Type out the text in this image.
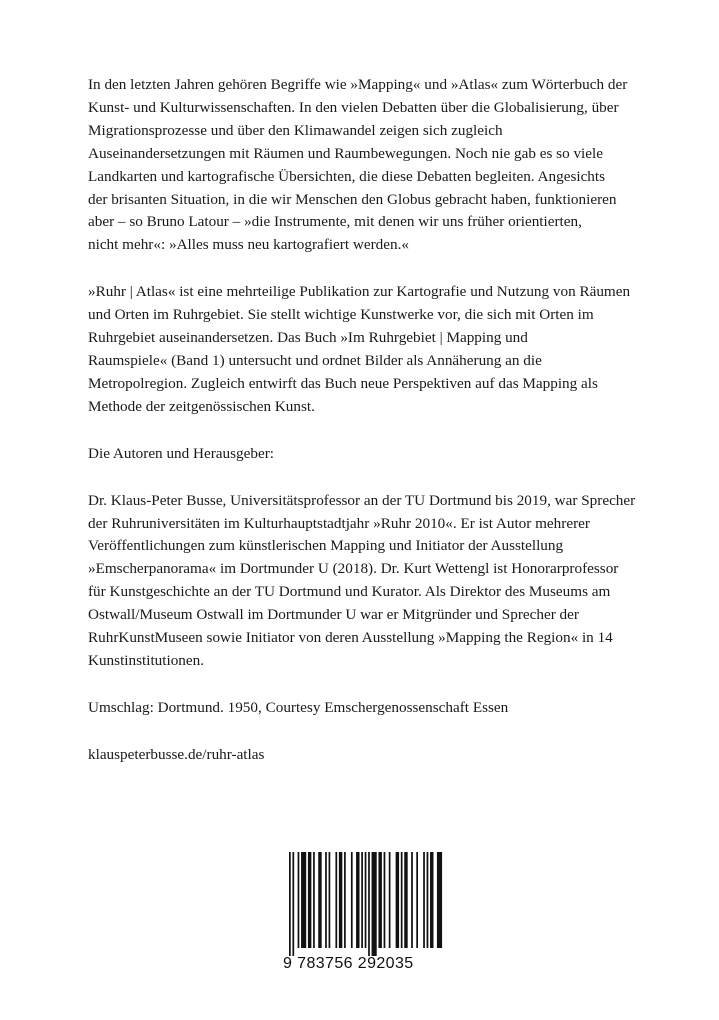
In den letzten Jahren gehören Begriffe wie »Mapping« und »Atlas« zum Wörterbuch der
Kunst- und Kulturwissenschaften. In den vielen Debatten über die Globalisierung, über
Migrationsprozesse und über den Klimawandel zeigen sich zugleich
Auseinandersetzungen mit Räumen und Raumbewegungen. Noch nie gab es so viele
Landkarten und kartografische Übersichten, die diese Debatten begleiten. Angesichts
der brisanten Situation, in die wir Menschen den Globus gebracht haben, funktionieren
aber – so Bruno Latour – »die Instrumente, mit denen wir uns früher orientierten,
nicht mehr«: »Alles muss neu kartografiert werden.«

»Ruhr | Atlas« ist eine mehrteilige Publikation zur Kartografie und Nutzung von Räumen
und Orten im Ruhrgebiet. Sie stellt wichtige Kunstwerke vor, die sich mit Orten im
Ruhrgebiet auseinandersetzen. Das Buch »Im Ruhrgebiet | Mapping und
Raumspiele« (Band 1) untersucht und ordnet Bilder als Annäherung an die
Metropolregion. Zugleich entwirft das Buch neue Perspektiven auf das Mapping als
Methode der zeitgenössischen Kunst.

Die Autoren und Herausgeber:

Dr. Klaus-Peter Busse, Universitätsprofessor an der TU Dortmund bis 2019, war Sprecher
der Ruhruniversitäten im Kulturhauptstadtjahr »Ruhr 2010«. Er ist Autor mehrerer
Veröffentlichungen zum künstlerischen Mapping und Initiator der Ausstellung
»Emscherpanorama« im Dortmunder U (2018). Dr. Kurt Wettengl ist Honorarprofessor
für Kunstgeschichte an der TU Dortmund und Kurator. Als Direktor des Museums am
Ostwall/Museum Ostwall im Dortmunder U war er Mitgründer und Sprecher der
RuhrKunstMuseen sowie Initiator von deren Ausstellung »Mapping the Region« in 14
Kunstinstitutionen.

Umschlag: Dortmund. 1950, Courtesy Emschergenossenschaft Essen

klauspeterbusse.de/ruhr-atlas

9 783756 292035
